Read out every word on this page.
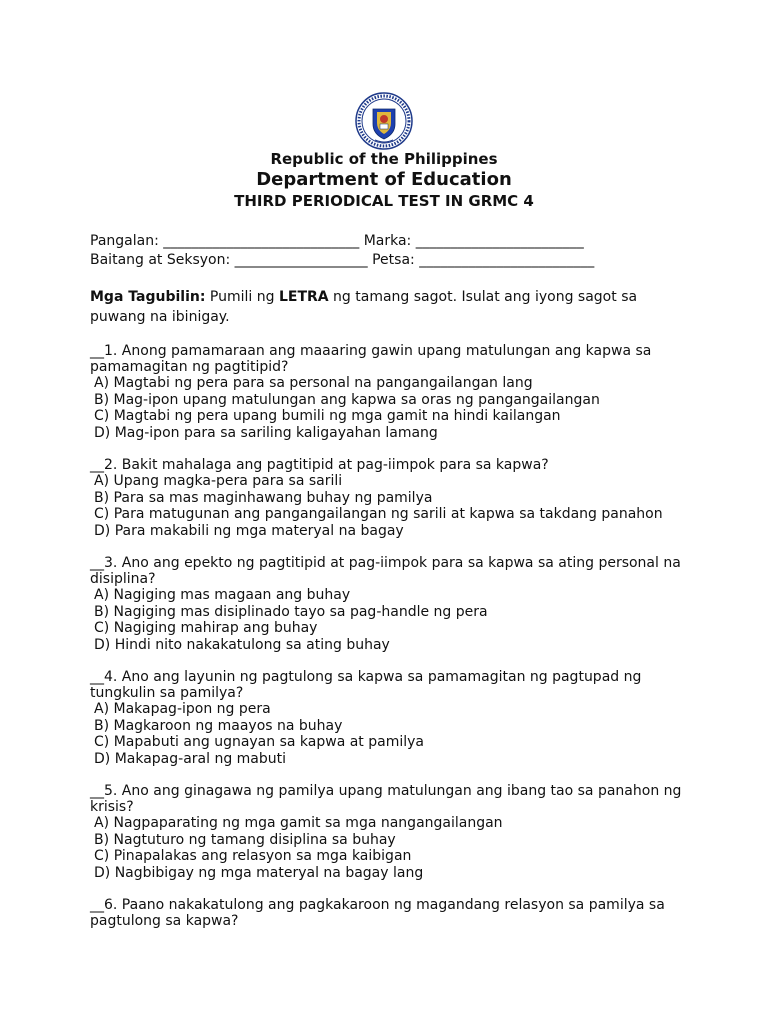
Republic of the Philippines
Department of Education
THIRD PERIODICAL TEST IN GRMC 4
Pangalan: ____________________________ Marka: ________________________
Baitang at Seksyon: ___________________ Petsa: _________________________
Mga Tagubilin: Pumili ng LETRA ng tamang sagot. Isulat ang iyong sagot sa puwang na ibinigay.
__1. Anong pamamaraan ang maaaring gawin upang matulungan ang kapwa sa pamamagitan ng pagtitipid?
A) Magtabi ng pera para sa personal na pangangailangan lang
B) Mag-ipon upang matulungan ang kapwa sa oras ng pangangailangan
C) Magtabi ng pera upang bumili ng mga gamit na hindi kailangan
D) Mag-ipon para sa sariling kaligayahan lamang
__2. Bakit mahalaga ang pagtitipid at pag-iimpok para sa kapwa?
A) Upang magka-pera para sa sarili
B) Para sa mas maginhawang buhay ng pamilya
C) Para matugunan ang pangangailangan ng sarili at kapwa sa takdang panahon
D) Para makabili ng mga materyal na bagay
__3. Ano ang epekto ng pagtitipid at pag-iimpok para sa kapwa sa ating personal na disiplina?
A) Nagiging mas magaan ang buhay
B) Nagiging mas disiplinado tayo sa pag-handle ng pera
C) Nagiging mahirap ang buhay
D) Hindi nito nakakatulong sa ating buhay
__4. Ano ang layunin ng pagtulong sa kapwa sa pamamagitan ng pagtupad ng tungkulin sa pamilya?
A) Makapag-ipon ng pera
B) Magkaroon ng maayos na buhay
C) Mapabuti ang ugnayan sa kapwa at pamilya
D) Makapag-aral ng mabuti
__5. Ano ang ginagawa ng pamilya upang matulungan ang ibang tao sa panahon ng krisis?
A) Nagpaparating ng mga gamit sa mga nangangailangan
B) Nagtuturo ng tamang disiplina sa buhay
C) Pinapalakas ang relasyon sa mga kaibigan
D) Nagbibigay ng mga materyal na bagay lang
__6. Paano nakakatulong ang pagkakaroon ng magandang relasyon sa pamilya sa pagtulong sa kapwa?
